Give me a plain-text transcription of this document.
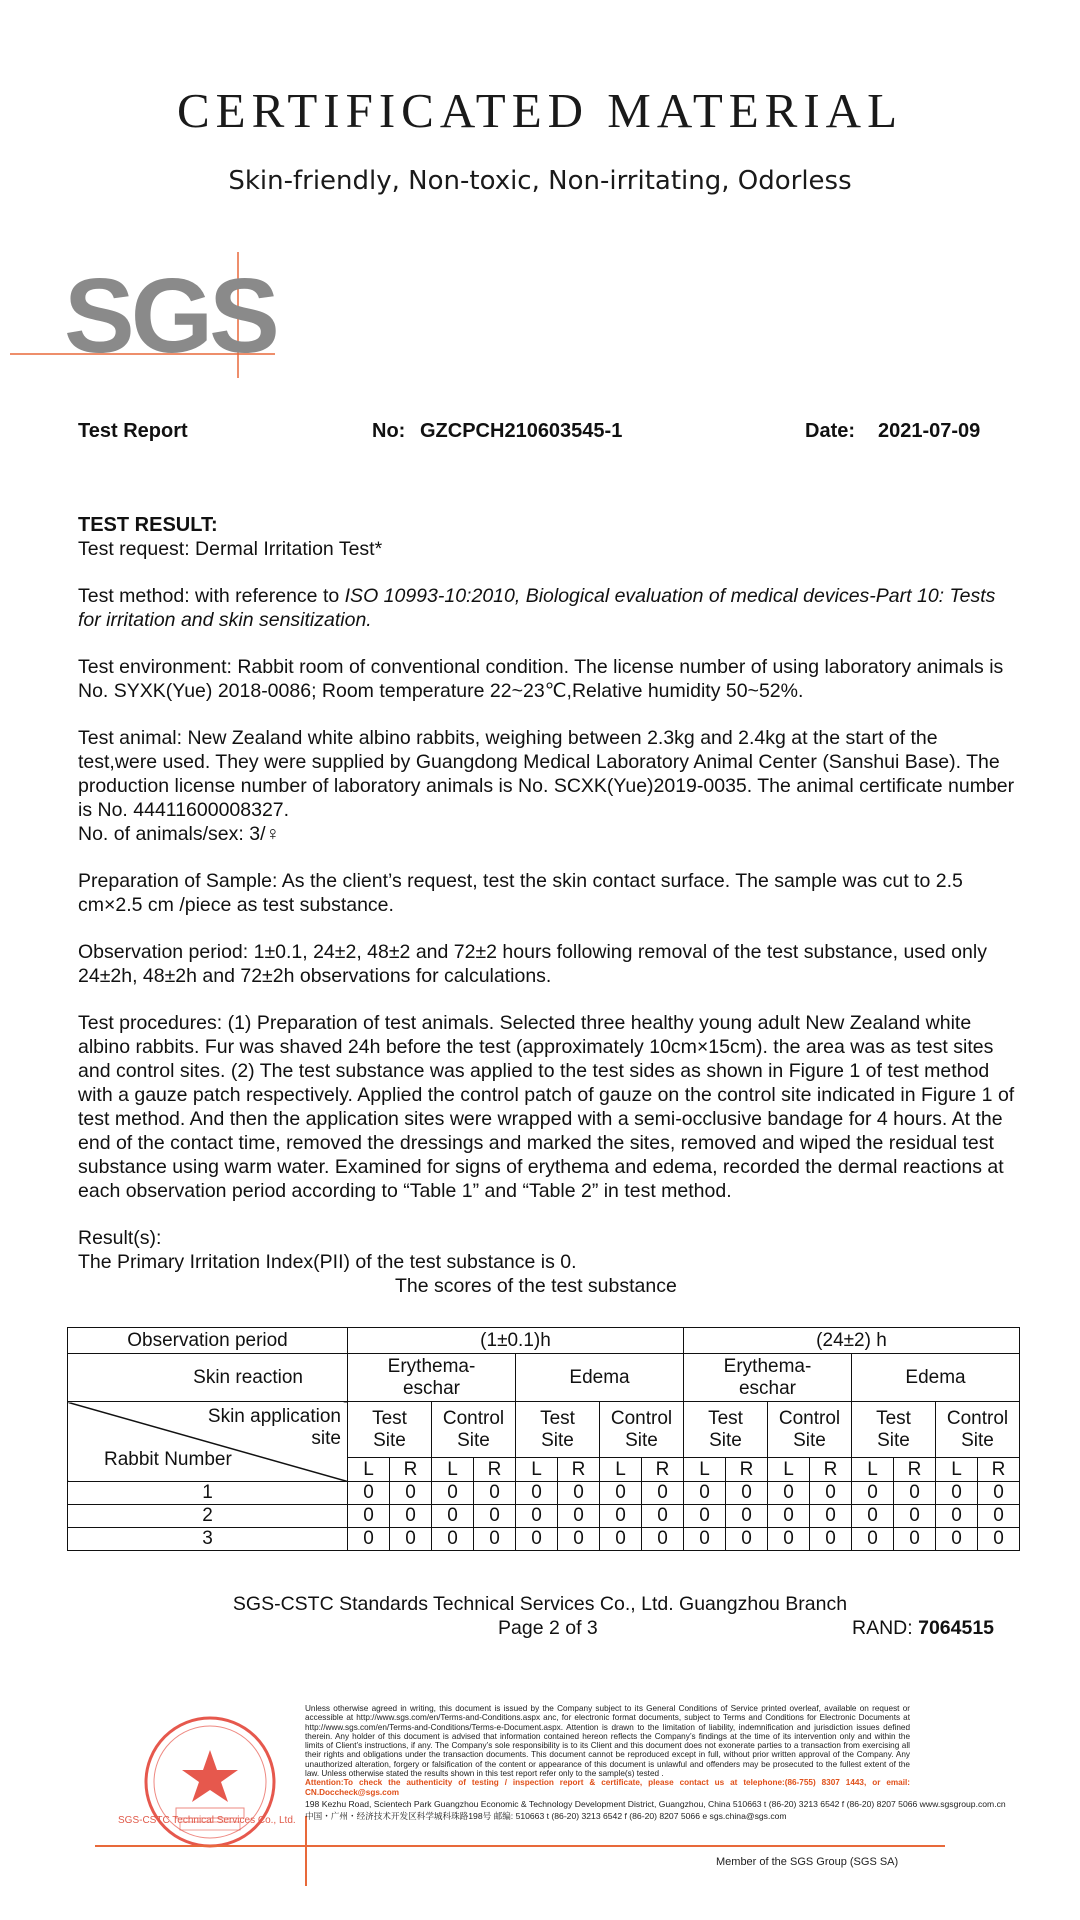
CERTIFICATED MATERIAL
Skin-friendly, Non-toxic, Non-irritating, Odorless
SGS
Test Report	No: GZCPCH210603545-1	Date: 2021-07-09

TEST RESULT:

Test request: Dermal Irritation Test*

Test method: with reference to ISO 10993-10:2010, Biological evaluation of medical devices-Part 10: Tests for irritation and skin sensitization.

Test environment: Rabbit room of conventional condition. The license number of using laboratory animals is No. SYXK(Yue) 2018-0086; Room temperature 22~23℃,Relative humidity 50~52%.

Test animal: New Zealand white albino rabbits, weighing between 2.3kg and 2.4kg at the start of the test,were used. They were supplied by Guangdong Medical Laboratory Animal Center (Sanshui Base). The production license number of laboratory animals is No. SCXK(Yue)2019-0035. The animal certificate number is No. 44411600008327.

No. of animals/sex: 3/♀

Preparation of Sample: As the client’s request, test the skin contact surface. The sample was cut to 2.5 cm×2.5 cm /piece as test substance.

Observation period: 1±0.1, 24±2, 48±2 and 72±2 hours following removal of the test substance, used only 24±2h, 48±2h and 72±2h observations for calculations.

Test procedures: (1) Preparation of test animals. Selected three healthy young adult New Zealand white albino rabbits. Fur was shaved 24h before the test (approximately 10cm×15cm). the area was as test sites and control sites. (2) The test substance was applied to the test sides as shown in Figure 1 of test method with a gauze patch respectively. Applied the control patch of gauze on the control site indicated in Figure 1 of test method. And then the application sites were wrapped with a semi-occlusive bandage for 4 hours. At the end of the contact time, removed the dressings and marked the sites, removed and wiped the residual test substance using warm water. Examined for signs of erythema and edema, recorded the dermal reactions at each observation period according to “Table 1” and “Table 2” in test method.

Result(s):

The Primary Irritation Index(PII) of the test substance is 0.

The scores of the test substance

Observation period	(1±0.1)h								(24±2) h							
Skin reaction	Erythema-eschar				Edema				Erythema-eschar				Edema			

Skin application site
Rabbit Number	Test Site		Control Site		Test Site		Control Site		Test Site		Control Site		Test Site		Control Site	
	L	R	L	R	L	R	L	R	L	R	L	R	L	R	L	R
1	0	0	0	0	0	0	0	0	0	0	0	0	0	0	0	0
2	0	0	0	0	0	0	0	0	0	0	0	0	0	0	0	0
3	0	0	0	0	0	0	0	0	0	0	0	0	0	0	0	0
SGS-CSTC Standards Technical Services Co., Ltd. Guangzhou Branch
Page 2 of 3	RAND: 7064515
SGS-CSTC Technical Services Co., Ltd.
Unless otherwise agreed in writing, this document is issued by the Company subject to its General Conditions of Service printed overleaf, available on request or accessible at http://www.sgs.com/en/Terms-and-Conditions.aspx anc, for electronic format documents, subject to Terms and Conditions for Electronic Documents at http://www.sgs.com/en/Terms-and-Conditions/Terms-e-Document.aspx. Attention is drawn to the limitation of liability, indemnification and jurisdiction issues defined therein. Any holder of this document is advised that information contained hereon reflects the Company’s findings at the time of its intervention only and within the limits of Client’s instructions, if any. The Company’s sole responsibility is to its Client and this document does not exonerate parties to a transaction from exercising all their rights and obligations under the transaction documents. This document cannot be reproduced except in full, without prior written approval of the Company. Any unauthorized alteration, forgery or falsification of the content or appearance of this document is unlawful and offenders may be prosecuted to the fullest extent of the law. Unless otherwise stated the results shown in this test report refer only to the sample(s) tested .
Attention:To check the authenticity of testing / inspection report & certificate, please contact us at telephone:(86-755) 8307 1443, or email: CN.Doccheck@sgs.com
198 Kezhu Road, Scientech Park Guangzhou Economic & Technology Development District, Guangzhou, China 510663 t (86-20) 3213 6542 f (86-20) 8207 5066 www.sgsgroup.com.cn
中国・广州・经济技术开发区科学城科珠路198号 邮编: 510663 t (86-20) 3213 6542 f (86-20) 8207 5066 e sgs.china@sgs.com
Member of the SGS Group (SGS SA)
